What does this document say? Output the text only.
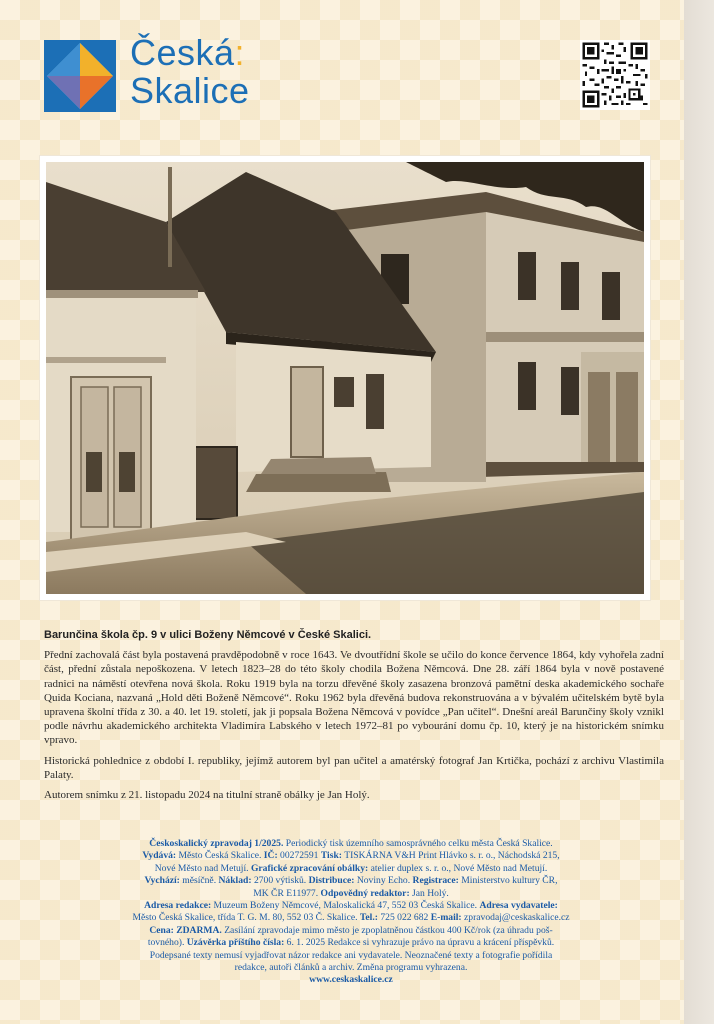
Česká:
Skalice
Barunčina škola čp. 9 v ulici Boženy Němcové v České Skalici.

Přední zachovalá část byla postavená pravděpodobně v roce 1643. Ve dvoutřídní škole se učilo do konce července 1864, kdy vyhořela zadní část, přední zůstala nepoškozena. V letech 1823–28 do této školy chodila Božena Němcová. Dne 28. září 1864 byla v nově postavené radnici na náměstí otevřena nová škola. Roku 1919 byla na torzu dřevěné školy zasazena bronzová pamětní deska akademického sochaře Quida Kociana, nazvaná „Hold děti Boženě Němcové“. Roku 1962 byla dřevěná budova rekonstruována a v bývalém učitelském bytě byla upravena školní třída z 30. a 40. let 19. století, jak ji popsala Božena Němcová v povídce „Pan učitel“. Dnešní areál Barunčiny školy vznikl podle návrhu akademického architekta Vladimíra Labského v letech 1972–81 po vybourání domu čp. 10, který je na historickém snímku vpravo.

Historická pohlednice z období I. republiky, jejímž autorem byl pan učitel a amatérský fotograf Jan Krtička, pochází z archivu Vlastimila Palaty.

Autorem snímku z 21. listopadu 2024 na titulní straně obálky je Jan Holý.

Českoskalický zpravodaj 1/2025. Periodický tisk územního samosprávného celku města Česká Skalice.
Vydává: Město Česká Skalice. IČ: 00272591 Tisk: TISKÁRNA V&H Print Hlávko s. r. o., Náchodská 215,
Nové Město nad Metují. Grafické zpracování obálky: atelier duplex s. r. o., Nové Město nad Metují.
Vychází: měsíčně. Náklad: 2700 výtisků. Distribuce: Noviny Echo. Registrace: Ministerstvo kultury ČR,
MK ČR E11977. Odpovědný redaktor: Jan Holý.
Adresa redakce: Muzeum Boženy Němcové, Maloskalická 47, 552 03 Česká Skalice. Adresa vydavatele:
Město Česká Skalice, třída T. G. M. 80, 552 03 Č. Skalice. Tel.: 725 022 682 E-mail: zpravodaj@ceskaskalice.cz
Cena: ZDARMA. Zasílání zpravodaje mimo město je zpoplatněnou částkou 400 Kč/rok (za úhradu poš-
tovného). Uzávěrka příštího čísla: 6. 1. 2025 Redakce si vyhrazuje právo na úpravu a krácení příspěvků.
Podepsané texty nemusí vyjadřovat názor redakce ani vydavatele. Neoznačené texty a fotografie pořídila
redakce, autoři článků a archiv. Změna programu vyhrazena.
www.ceskaskalice.cz
